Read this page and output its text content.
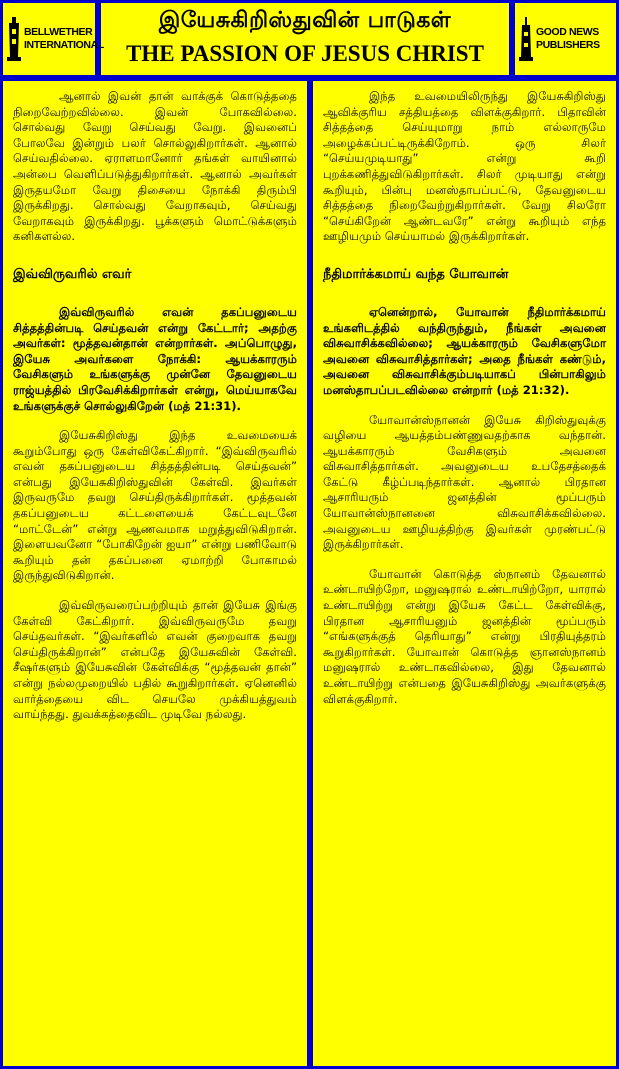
BELLWETHER
INTERNATIONAL
இயேசுகிறிஸ்துவின் பாடுகள்
THE PASSION OF JESUS CHRIST
GOOD NEWS
PUBLISHERS

ஆனால் இவன் தான் வாக்குக் கொடுத்ததை நிறைவேற்றவில்லை. இவன் போகவில்லை. சொல்வது வேறு செய்வது வேறு. இவனைப் போலவே இன்றும் பலர் சொல்லுகிறார்கள். ஆனால் செய்வதில்லை. ஏராளமானோர் தங்கள் வாயினால் அன்பை வெளிப்படுத்துகிறார்கள். ஆனால் அவர்கள் இருதயமோ வேறு திசையை நோக்கி திரும்பி இருக்கிறது. சொல்வது வேறாகவும், செய்வது வேறாகவும் இருக்கிறது. பூக்களும் மொட்டுக்களும் கனிகளல்ல.

இவ்விருவரில் எவர்

இவ்விருவரில் எவன் தகப்பனுடைய சித்தத்தின்படி செய்தவன் என்று கேட்டார்; அதற்கு அவர்கள்: மூத்தவன்தான் என்றார்கள். அப்பொழுது, இயேசு அவர்களை நோக்கி: ஆயக்காரரும் வேசிகளும் உங்களுக்கு முன்னே தேவனுடைய ராஜ்யத்தில் பிரவேசிக்கிறார்கள் என்று, மெய்யாகவே உங்களுக்குச் சொல்லுகிறேன் (மத் 21:31).

இயேசுகிறிஸ்து இந்த உவமையைக் கூறும்போது ஒரு கேள்விகேட்கிறார். “இவ்விருவரில் எவன் தகப்பனுடைய சித்தத்தின்படி செய்தவன்” என்பது இயேசுகிறிஸ்துவின் கேள்வி. இவர்கள் இருவருமே தவறு செய்திருக்கிறார்கள். மூத்தவன் தகப்பனுடைய கட்டளையைக் கேட்டவுடனே “மாட்டேன்” என்று ஆணவமாக மறுத்துவிடுகிறான். இளையவனோ “போகிறேன் ஐயா” என்று பணிவோடு கூறியும் தன் தகப்பனை ஏமாற்றி போகாமல் இருந்துவிடுகிறான்.

இவ்விருவரைப்பற்றியும் தான் இயேசு இங்கு கேள்வி கேட்கிறார். இவ்விருவருமே தவறு செய்தவர்கள். “இவர்களில் எவன் குறைவாக தவறு செய்திருக்கிறான்” என்பதே இயேசுவின் கேள்வி. சீஷர்களும் இயேசுவின் கேள்விக்கு “மூத்தவன் தான்” என்று நல்லமுறையில் பதில் கூறுகிறார்கள். ஏனெனில் வார்த்தையை விட செயலே முக்கியத்துவம் வாய்ந்தது. துவக்கத்தைவிட முடிவே நல்லது.

இந்த உவமையிலிருந்து இயேசுகிறிஸ்து ஆவிக்குரிய சத்தியத்தை விளக்குகிறார். பிதாவின் சித்தத்தை செய்யுமாறு நாம் எல்லாருமே அழைக்கப்பட்டிருக்கிறோம். ஒரு சிலர் “செய்யமுடியாது” என்று கூறி புறக்கணித்துவிடுகிறார்கள். சிலர் முடியாது என்று கூறியும், பின்பு மனஸ்தாபப்பட்டு, தேவனுடைய சித்தத்தை நிறைவேற்றுகிறார்கள். வேறு சிலரோ “செய்கிறேன் ஆண்டவரே” என்று கூறியும் எந்த ஊழியமும் செய்யாமல் இருக்கிறார்கள்.

நீதிமார்க்கமாய் வந்த யோவான்

ஏனென்றால், யோவான் நீதிமார்க்கமாய் உங்களிடத்தில் வந்திருந்தும், நீங்கள் அவனை விசுவாசிக்கவில்லை; ஆயக்காரரும் வேசிகளுமோ அவனை விசுவாசித்தார்கள்; அதை நீங்கள் கண்டும், அவனை விசுவாசிக்கும்படியாகப் பின்பாகிலும் மனஸ்தாபப்படவில்லை என்றார் (மத் 21:32).

யோவான்ஸ்நானன் இயேசு கிறிஸ்துவுக்கு வழியை ஆயத்தம்பண்ணுவதற்காக வந்தான். ஆயக்காரரும் வேசிகளும் அவனை விசுவாசித்தார்கள். அவனுடைய உபதேசத்தைக் கேட்டு கீழ்ப்படிந்தார்கள். ஆனால் பிரதான ஆசாரியரும் ஜனத்தின் மூப்பரும் யோவான்ஸ்நானனை விசுவாசிக்கவில்லை. அவனுடைய ஊழியத்திற்கு இவர்கள் முரண்பட்டு இருக்கிறார்கள்.

யோவான் கொடுத்த ஸ்நானம் தேவனால் உண்டாயிற்றோ, மனுஷரால் உண்டாயிற்றோ, யாரால் உண்டாயிற்று என்று இயேசு கேட்ட கேள்விக்கு, பிரதான ஆசாரியனும் ஜனத்தின் மூப்பரும் “எங்களுக்குத் தெரியாது” என்று பிரதியுத்தரம் கூறுகிறார்கள். யோவான் கொடுத்த ஞானஸ்நானம் மனுஷரால் உண்டாகவில்லை, இது தேவனால் உண்டாயிற்று என்பதை இயேசுகிறிஸ்து அவர்களுக்கு விளக்குகிறார்.
